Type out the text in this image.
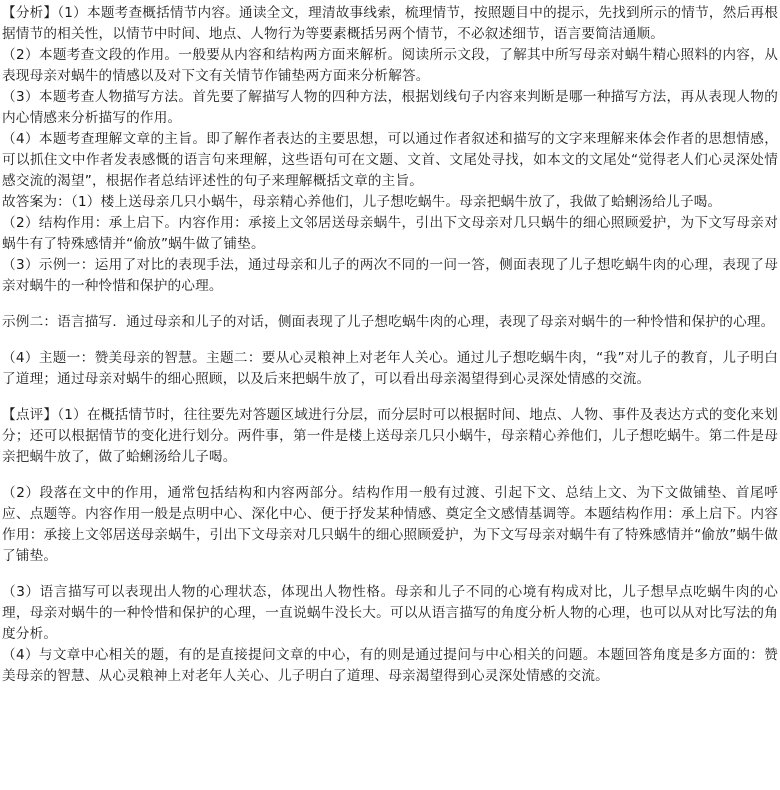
【分析】（1）本题考查概括情节内容。通读全文，理清故事线索，梳理情节，按照题目中的提示，先找到所示的情节，然后再根据情节的相关性，以情节中时间、地点、人物行为等要素概括另两个情节，不必叙述细节，语言要简洁通顺。

（2）本题考查文段的作用。一般要从内容和结构两方面来解析。阅读所示文段，了解其中所写母亲对蜗牛精心照料的内容，从表现母亲对蜗牛的情感以及对下文有关情节作铺垫两方面来分析解答。

（3）本题考查人物描写方法。首先要了解描写人物的四种方法，根据划线句子内容来判断是哪一种描写方法，再从表现人物的内心情感来分析描写的作用。

（4）本题考查理解文章的主旨。即了解作者表达的主要思想，可以通过作者叙述和描写的文字来理解来体会作者的思想情感，可以抓住文中作者发表感慨的语言句来理解，这些语句可在文题、文首、文尾处寻找，如本文的文尾处“觉得老人们心灵深处情感交流的渴望”，根据作者总结评述性的句子来理解概括文章的主旨。

故答案为：（1）楼上送母亲几只小蜗牛，母亲精心养他们，儿子想吃蜗牛。母亲把蜗牛放了，我做了蛤蜊汤给儿子喝。

（2）结构作用：承上启下。内容作用：承接上文邻居送母亲蜗牛，引出下文母亲对几只蜗牛的细心照顾爱护，为下文写母亲对蜗牛有了特殊感情并“偷放”蜗牛做了铺垫。

（3）示例一：运用了对比的表现手法，通过母亲和儿子的两次不同的一问一答，侧面表现了儿子想吃蜗牛肉的心理，表现了母亲对蜗牛的一种怜惜和保护的心理。

示例二：语言描写．通过母亲和儿子的对话，侧面表现了儿子想吃蜗牛肉的心理，表现了母亲对蜗牛的一种怜惜和保护的心理。

（4）主题一：赞美母亲的智慧。主题二：要从心灵粮神上对老年人关心。通过儿子想吃蜗牛肉，“我”对儿子的教育，儿子明白了道理；通过母亲对蜗牛的细心照顾，以及后来把蜗牛放了，可以看出母亲渴望得到心灵深处情感的交流。

【点评】（1）在概括情节时，往往要先对答题区域进行分层，而分层时可以根据时间、地点、人物、事件及表达方式的变化来划分；还可以根据情节的变化进行划分。两件事，第一件是楼上送母亲几只小蜗牛，母亲精心养他们，儿子想吃蜗牛。第二件是母亲把蜗牛放了，做了蛤蜊汤给儿子喝。

（2）段落在文中的作用，通常包括结构和内容两部分。结构作用一般有过渡、引起下文、总结上文、为下文做铺垫、首尾呼应、点题等。内容作用一般是点明中心、深化中心、便于抒发某种情感、奠定全文感情基调等。本题结构作用：承上启下。内容作用：承接上文邻居送母亲蜗牛，引出下文母亲对几只蜗牛的细心照顾爱护，为下文写母亲对蜗牛有了特殊感情并“偷放”蜗牛做了铺垫。

（3）语言描写可以表现出人物的心理状态，体现出人物性格。母亲和儿子不同的心境有构成对比，儿子想早点吃蜗牛肉的心理，母亲对蜗牛的一种怜惜和保护的心理，一直说蜗牛没长大。可以从语言描写的角度分析人物的心理，也可以从对比写法的角度分析。

（4）与文章中心相关的题，有的是直接提问文章的中心，有的则是通过提问与中心相关的问题。本题回答角度是多方面的：赞美母亲的智慧、从心灵粮神上对老年人关心、儿子明白了道理、母亲渴望得到心灵深处情感的交流。
